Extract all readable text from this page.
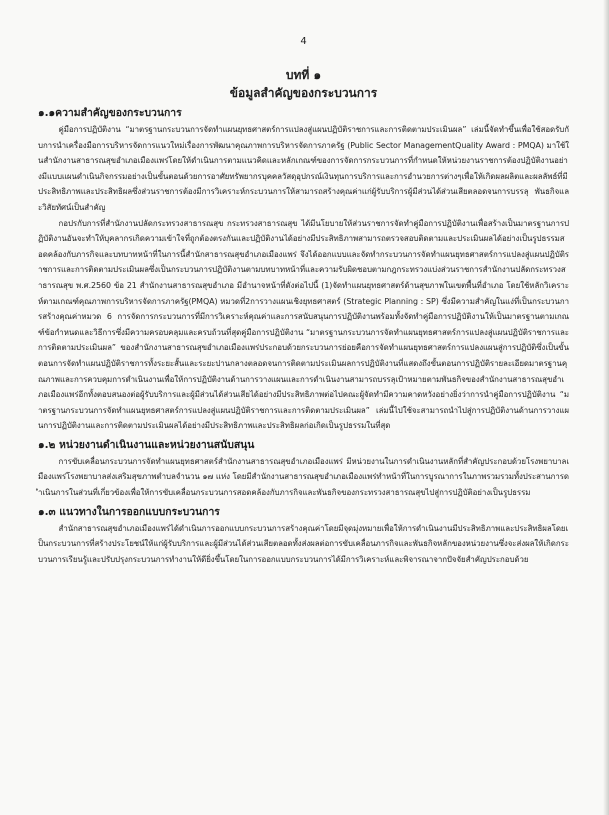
4
บทที่ ๑
ข้อมูลสำคัญของกระบวนการ
๑.๑ความสำคัญของกระบวนการ

คู่มือการปฏิบัติงาน “มาตรฐานกระบวนการจัดทำแผนยุทธศาสตร์การแปลงสู่แผนปฏิบัติราชการและการติดตามประเมินผล” เล่มนี้จัดทำขึ้นเพื่อใช้สอดรับกับการนำเครื่องมือการบริหารจัดการแนวใหม่เรื่องการพัฒนาคุณภาพการบริหารจัดการภาครัฐ (Public Sector ManagementQuality Award : PMQA) มาใช้ในสำนักงานสาธารณสุขอำเภอเมืองแพร่โดยให้ดำเนินการตามแนวคิดและหลักเกณฑ์ของการจัดการกระบวนการที่กำหนดให้หน่วยงานราชการต้องปฏิบัติงานอย่างมีแบบแผนดำเนินกิจกรรมอย่างเป็นขั้นตอนด้วยการอาศัยทรัพยากรบุคคลวัสดุอุปกรณ์เงินทุนการบริการและการอำนวยการต่างๆเพื่อให้เกิดผลผลิตและผลลัพธ์ที่มีประสิทธิภาพและประสิทธิผลซึ่งส่วนราชการต้องมีการวิเคราะห์กระบวนการให้สามารถสร้างคุณค่าแก่ผู้รับบริการผู้มีส่วนได้ส่วนเสียตลอดจนการบรรลุ พันธกิจและวิสัยทัศน์เป็นสำคัญ

กอปรกับการที่สำนักงานปลัดกระทรวงสาธารณสุข กระทรวงสาธารณสุข ได้มีนโยบายให้ส่วนราชการจัดทำคู่มือการปฏิบัติงานเพื่อสร้างเป็นมาตรฐานการปฏิบัติงานอันจะทำให้บุคลากรเกิดความเข้าใจที่ถูกต้องตรงกันและปฏิบัติงานได้อย่างมีประสิทธิภาพสามารถตรวจสอบติดตามและประเมินผลได้อย่างเป็นรูปธรรมสอดคล้องกับภารกิจและบทบาทหน้าที่ในการนี้สำนักสาธารณสุขอำเภอเมืองแพร่ จึงได้ออกแบบและจัดทำกระบวนการจัดทำแผนยุทธศาสตร์การแปลงสู่แผนปฏิบัติราชการและการติดตามประเมินผลซึ่งเป็นกระบวนการปฏิบัติงานตามบทบาทหน้าที่และความรับผิดชอบตามกฎกระทรวงแบ่งส่วนราชการสำนักงานปลัดกระทรวงสาธารณสุข พ.ศ.2560 ข้อ 21 สำนักงานสาธารณสุขอำเภอ มีอำนาจหน้าที่ดังต่อไปนี้ (1)จัดทำแผนยุทธศาสตร์ด้านสุขภาพในเขตพื้นที่อำเภอ โดยใช้หลักวิเคราะห์ตามเกณฑ์คุณภาพการบริหารจัดการภาครัฐ(PMQA) หมวดที่2การวางแผนเชิงยุทธศาสตร์ (Strategic Planning : SP) ซึ่งมีความสำคัญในแง่ที่เป็นกระบวนการสร้างคุณค่าหมวด 6 การจัดการกระบวนการที่มีการวิเคราะห์คุณค่าและการสนับสนุนการปฏิบัติงานพร้อมทั้งจัดทำคู่มือการปฏิบัติงานให้เป็นมาตรฐานตามเกณฑ์ข้อกำหนดและวิธีการซึ่งมีความครอบคลุมและครบถ้วนที่สุดคู่มือการปฏิบัติงาน “มาตรฐานกระบวนการจัดทำแผนยุทธศาสตร์การแปลงสู่แผนปฏิบัติราชการและการติดตามประเมินผล” ของสำนักงานสาธารณสุขอำเภอเมืองแพร่ประกอบด้วยกระบวนการย่อยคือการจัดทำแผนยุทธศาสตร์การแปลงแผนสู่การปฏิบัติซึ่งเป็นขั้นตอนการจัดทำแผนปฏิบัติราชการทั้งระยะสั้นและระยะปานกลางตลอดจนการติดตามประเมินผลการปฏิบัติงานที่แสดงถึงขั้นตอนการปฏิบัติรายละเอียดมาตรฐานคุณภาพและการควบคุมการดำเนินงานเพื่อให้การปฏิบัติงานด้านการวางแผนและการดำเนินงานสามารถบรรลุเป้าหมายตามพันธกิจของสำนักงานสาธารณสุขอำเภอเมืองแพร่อีกทั้งตอบสนองต่อผู้รับบริการและผู้มีส่วนได้ส่วนเสียได้อย่างมีประสิทธิภาพต่อไปคณะผู้จัดทำมีความคาดหวังอย่างยิ่งว่าการนำคู่มือการปฏิบัติงาน “มาตรฐานกระบวนการจัดทำแผนยุทธศาสตร์การแปลงสู่แผนปฏิบัติราชการและการติดตามประเมินผล” เล่มนี้ไปใช้จะสามารถนำไปสู่การปฏิบัติงานด้านการวางแผนการปฏิบัติงานและการติดตามประเมินผลได้อย่างมีประสิทธิภาพและประสิทธิผลก่อเกิดเป็นรูปธรรมในที่สุด

๑.๒ หน่วยงานดำเนินงานและหน่วยงานสนับสนุน

การขับเคลื่อนกระบวนการจัดทำแผนยุทธศาสตร์สำนักงานสาธารณสุขอำเภอเมืองแพร่ มีหน่วยงานในการดำเนินงานหลักที่สำคัญประกอบด้วยโรงพยาบาลเมืองแพร่โรงพยาบาลส่งเสริมสุขภาพตำบลจำนวน ๑๗ แห่ง โดยมีสำนักงานสาธารณสุขอำเภอเมืองแพร่ทำหน้าที่ในการบูรณาการในภาพรวมรวมทั้งประสานการดำเนินการในส่วนที่เกี่ยวข้องเพื่อให้การขับเคลื่อนกระบวนการสอดคล้องกับภารกิจและพันธกิจของกระทรวงสาธารณสุขไปสู่การปฏิบัติอย่างเป็นรูปธรรม

๑.๓ แนวทางในการออกแบบกระบวนการ

สำนักสาธารณสุขอำเภอเมืองแพร่ได้ดำเนินการออกแบบกระบวนการสร้างคุณค่าโดยมีจุดมุ่งหมายเพื่อให้การดำเนินงานมีประสิทธิภาพและประสิทธิผลโดยเป็นกระบวนการที่สร้างประโยชน์ให้แก่ผู้รับบริการและผู้มีส่วนได้ส่วนเสียตลอดทั้งส่งผลต่อการขับเคลื่อนภารกิจและพันธกิจหลักของหน่วยงานซึ่งจะส่งผลให้เกิดกระบวนการเรียนรู้และปรับปรุงกระบวนการทำงานให้ดียิ่งขึ้นโดยในการออกแบบกระบวนการได้มีการวิเคราะห์และพิจารณาจากปัจจัยสำคัญประกอบด้วย
